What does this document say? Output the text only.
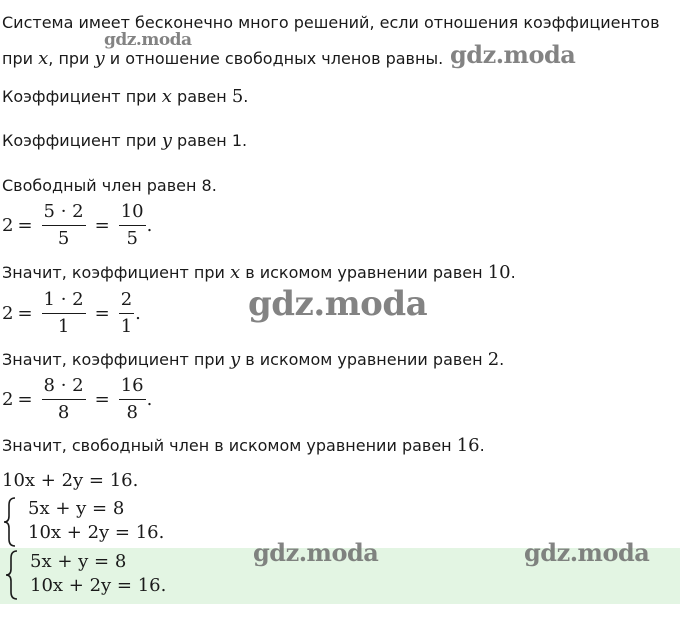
Система имеет бесконечно много решений, если отношения коэффициентов
при x, при y и отношение свободных членов равны.
Коэффициент при x равен 5.
Коэффициент при y равен 1.
Свободный член равен 8.
$2 = \frac{5 \cdot 2}{5} = \frac{10}{5}$ .
Значит, коэффициент при x в искомом уравнении равен 10.
$2 = \frac{1 \cdot 2}{1} = \frac{2}{1}$ .
Значит, коэффициент при y в искомом уравнении равен 2.
$2 = \frac{8 \cdot 2}{8} = \frac{16}{8}$ .
Значит, свободный член в искомом уравнении равен 16.
10x + 2y = 16.
5x + y = 8
10x + 2y = 16.
5x + y = 8
10x + 2y = 16.
gdz.moda	gdz.moda
gdz.moda
gdz.moda	gdz.moda
